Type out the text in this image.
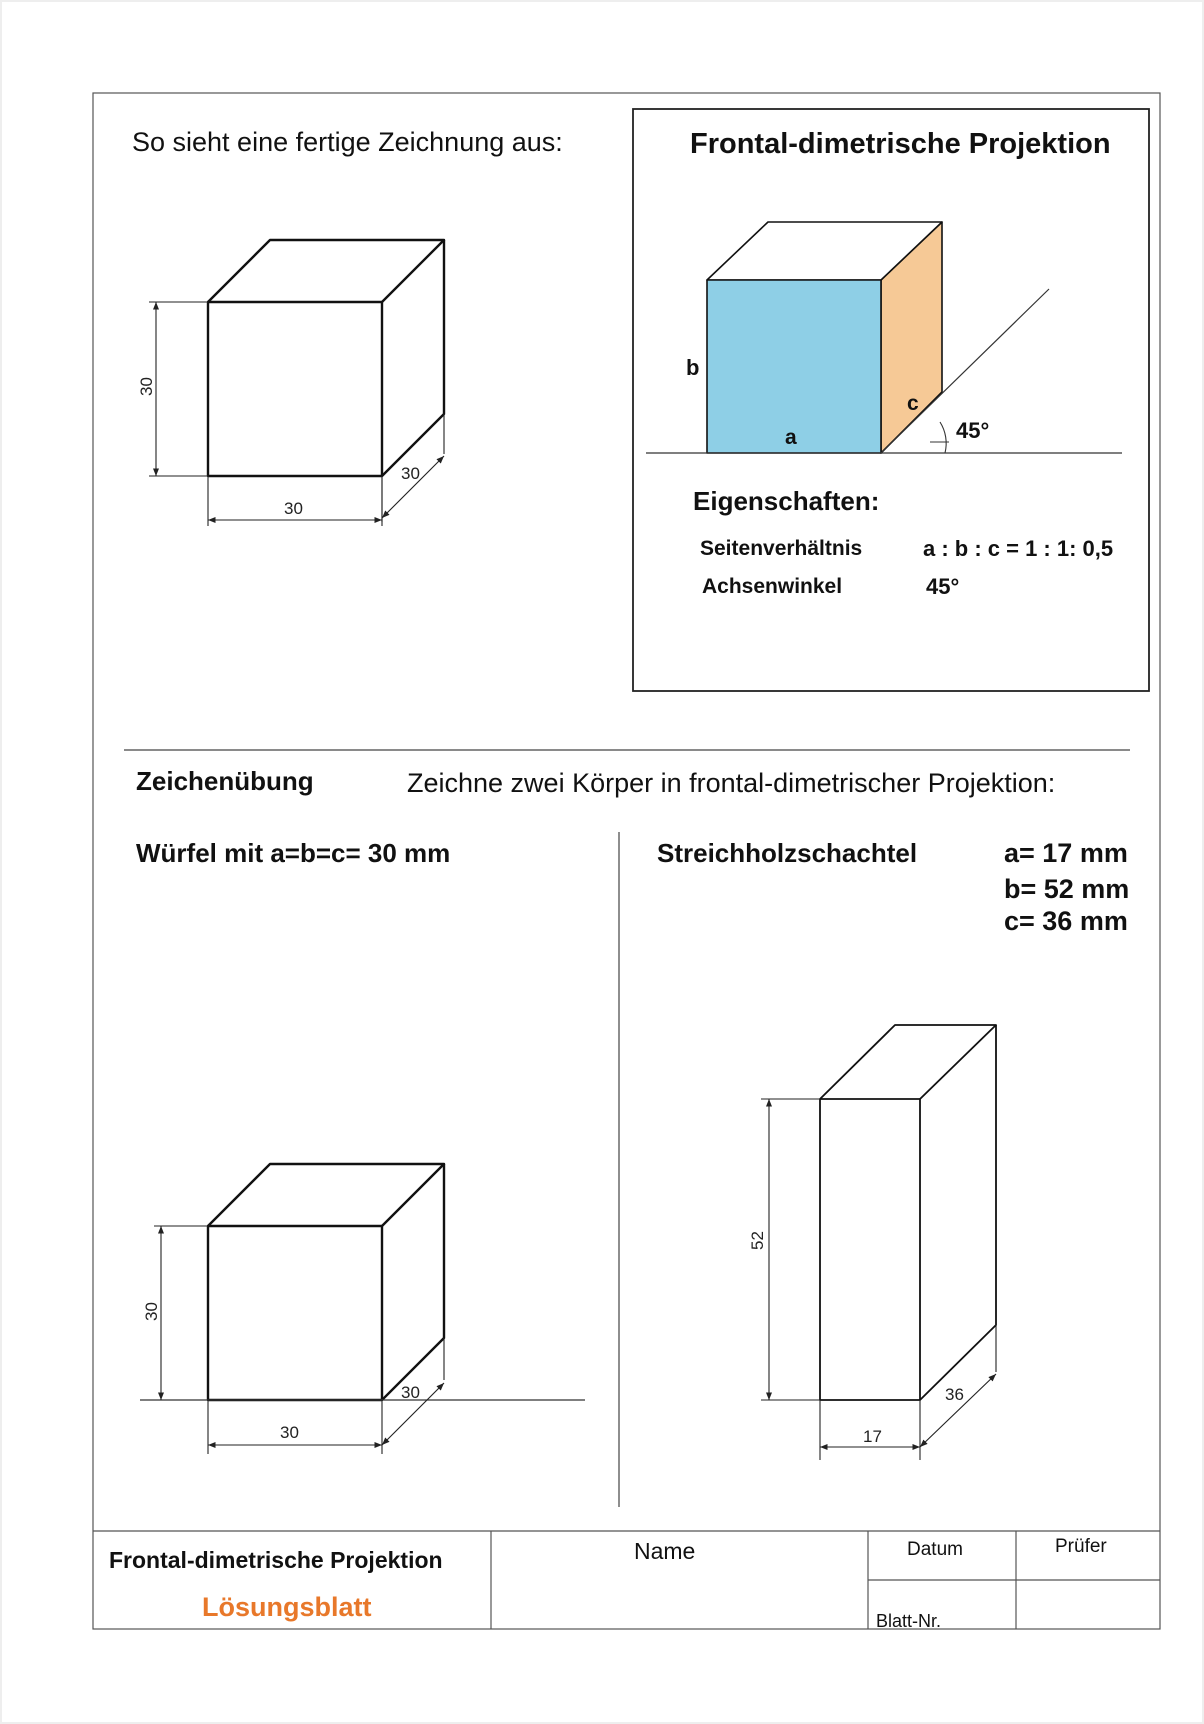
So sieht eine fertige Zeichnung aus:
30
30
30
Frontal-dimetrische Projektion
b
a
c
45°
Eigenschaften:
Seitenverhältnis	a : b : c = 1 : 1: 0,5
Achsenwinkel	45°
Zeichenübung	Zeichne zwei Körper in frontal-dimetrischer Projektion:
Würfel mit a=b=c= 30 mm	Streichholzschachtel	a= 17 mm
b= 52 mm
c= 36 mm
30
30
30
52
17
36
Frontal-dimetrische Projektion
Lösungsblatt
Name	Datum	Prüfer
Blatt-Nr.
